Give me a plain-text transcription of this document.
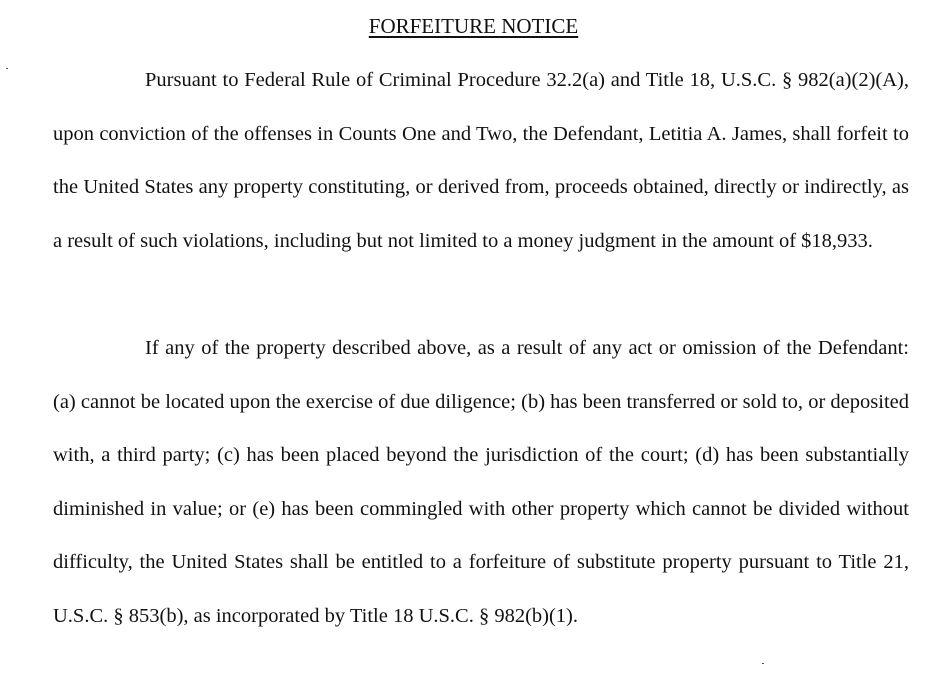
FORFEITURE NOTICE

Pursuant to Federal Rule of Criminal Procedure 32.2(a) and Title 18, U.S.C. § 982(a)(2)(A), upon conviction of the offenses in Counts One and Two, the Defendant, Letitia A. James, shall forfeit to the United States any property constituting, or derived from, proceeds obtained, directly or indirectly, as a result of such violations, including but not limited to a money judgment in the amount of $18,933.

If any of the property described above, as a result of any act or omission of the Defendant: (a) cannot be located upon the exercise of due diligence; (b) has been transferred or sold to, or deposited with, a third party; (c) has been placed beyond the jurisdiction of the court; (d) has been substantially diminished in value; or (e) has been commingled with other property which cannot be divided without difficulty, the United States shall be entitled to a forfeiture of substitute property pursuant to Title 21, U.S.C. § 853(b), as incorporated by Title 18 U.S.C. § 982(b)(1).
